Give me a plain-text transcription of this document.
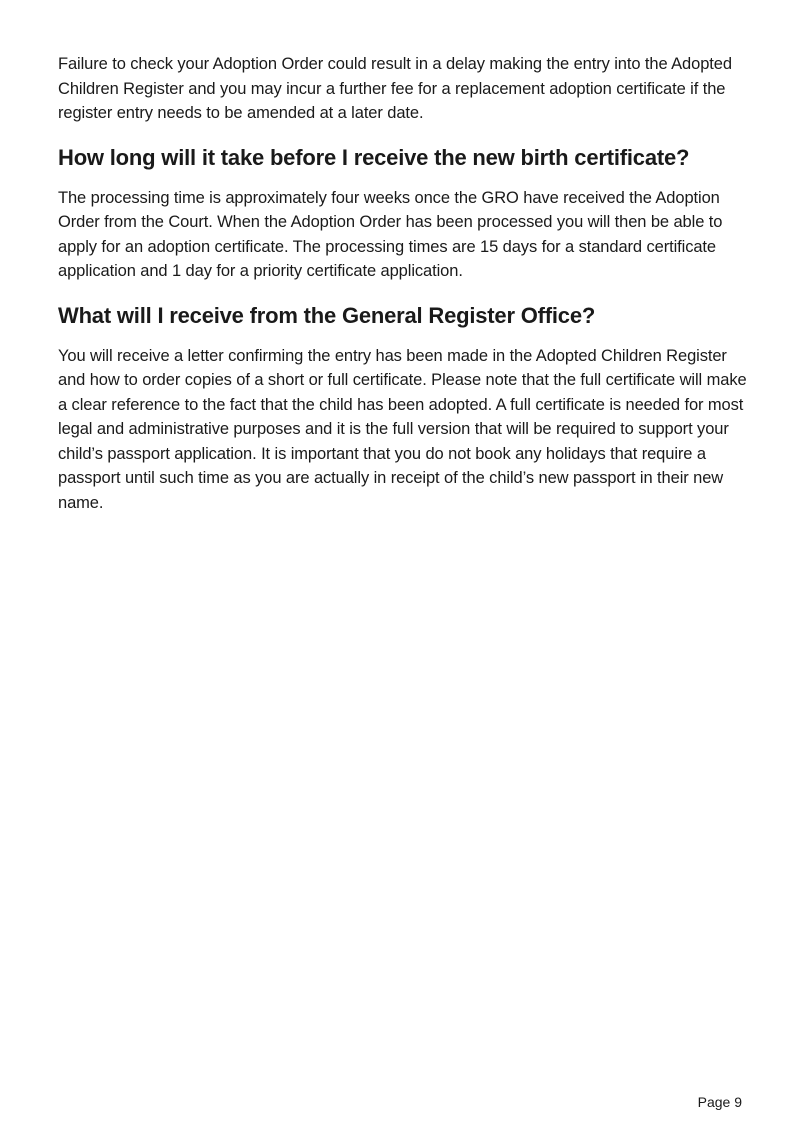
Failure to check your Adoption Order could result in a delay making the entry into the Adopted Children Register and you may incur a further fee for a replacement adoption certificate if the register entry needs to be amended at a later date.

How long will it take before I receive the new birth certificate?

The processing time is approximately four weeks once the GRO have received the Adoption Order from the Court. When the Adoption Order has been processed you will then be able to apply for an adoption certificate. The processing times are 15 days for a standard certificate application and 1 day for a priority certificate application.

What will I receive from the General Register Office?

You will receive a letter confirming the entry has been made in the Adopted Children Register and how to order copies of a short or full certificate. Please note that the full certificate will make a clear reference to the fact that the child has been adopted. A full certificate is needed for most legal and administrative purposes and it is the full version that will be required to support your child’s passport application. It is important that you do not book any holidays that require a passport until such time as you are actually in receipt of the child’s new passport in their new name.

Page 9
